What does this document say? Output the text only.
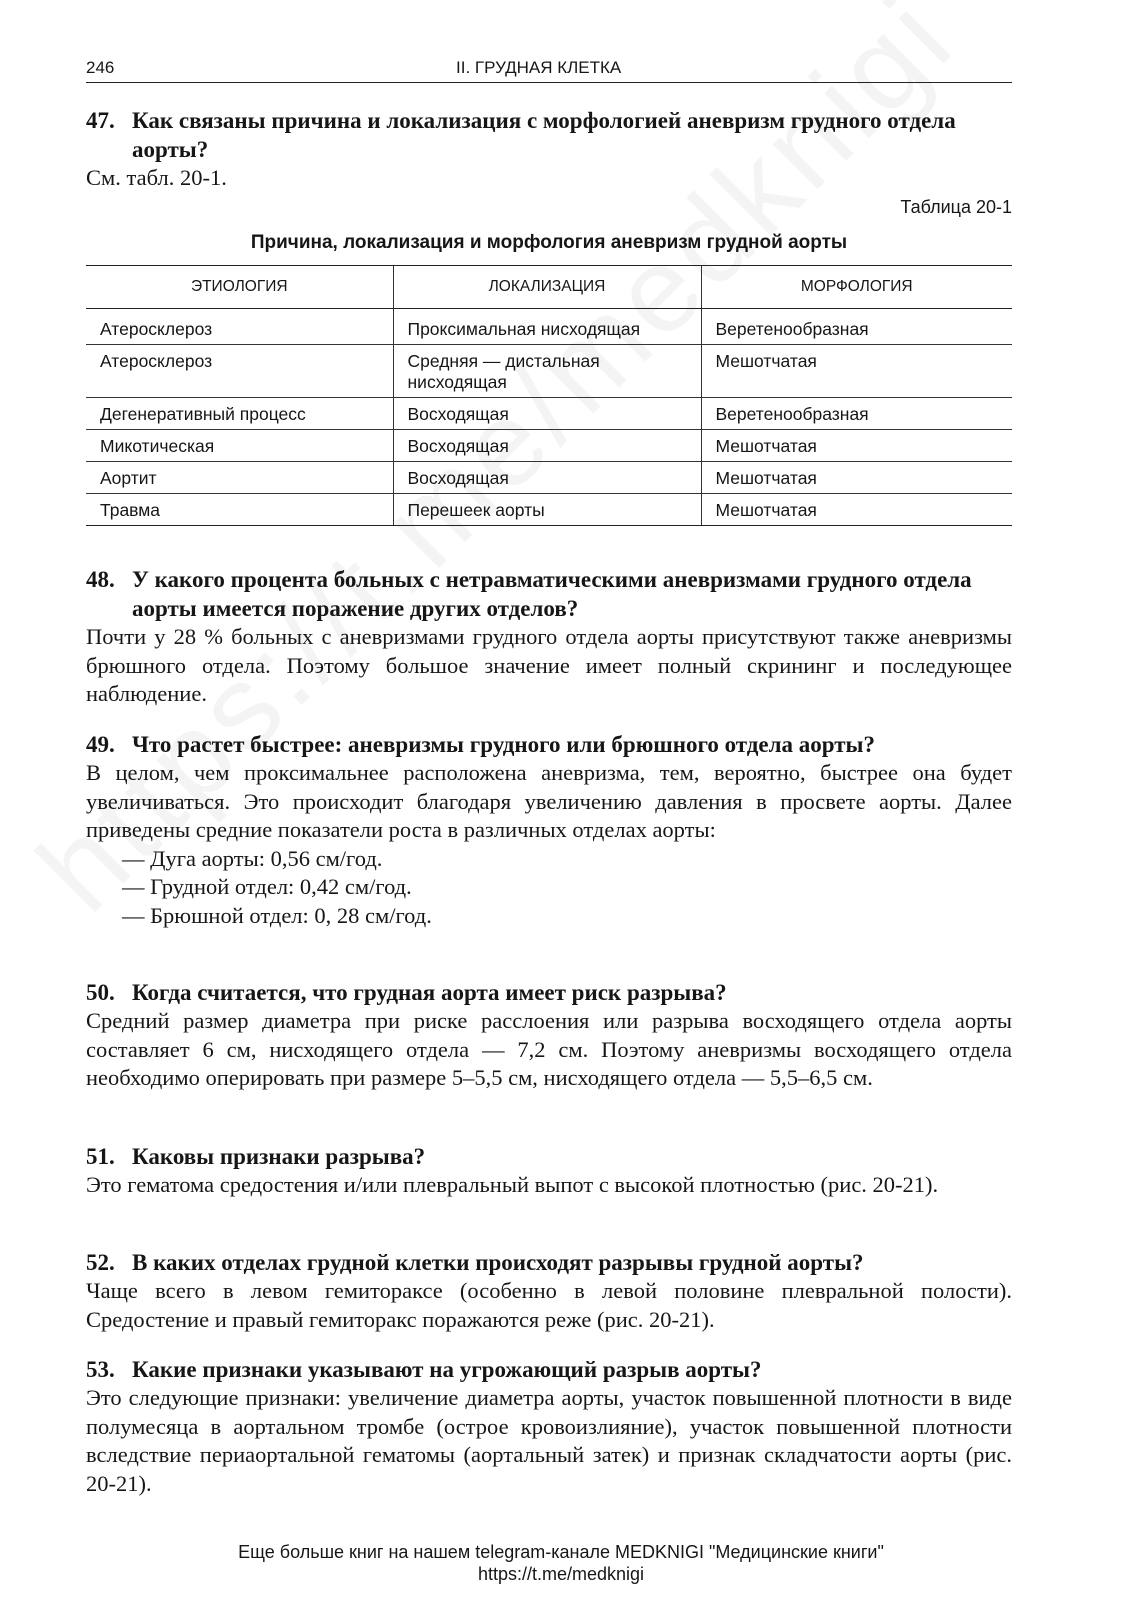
246	II. ГРУДНАЯ КЛЕТКА
47. Как связаны причина и локализация с морфологией аневризм грудного отдела аорты?
См. табл. 20-1.
Таблица 20-1
Причина, локализация и морфология аневризм грудной аорты
ЭТИОЛОГИЯ	ЛОКАЛИЗАЦИЯ	МОРФОЛОГИЯ
Атеросклероз	Проксимальная нисходящая	Веретенообразная
Атеросклероз	Средняя — дистальная нисходящая	Мешотчатая
Дегенеративный процесс	Восходящая	Веретенообразная
Микотическая	Восходящая	Мешотчатая
Аортит	Восходящая	Мешотчатая
Травма	Перешеек аорты	Мешотчатая
48. У какого процента больных с нетравматическими аневризмами грудного отдела аорты имеется поражение других отделов?
Почти у 28 % больных с аневризмами грудного отдела аорты присутствуют также аневризмы брюшного отдела. Поэтому большое значение имеет полный скрининг и последующее наблюдение.
49. Что растет быстрее: аневризмы грудного или брюшного отдела аорты?
В целом, чем проксимальнее расположена аневризма, тем, вероятно, быстрее она будет увеличиваться. Это происходит благодаря увеличению давления в просвете аорты. Далее приведены средние показатели роста в различных отделах аорты:
— Дуга аорты: 0,56 см/год.
— Грудной отдел: 0,42 см/год.
— Брюшной отдел: 0, 28 см/год.
50. Когда считается, что грудная аорта имеет риск разрыва?
Средний размер диаметра при риске расслоения или разрыва восходящего отдела аорты составляет 6 см, нисходящего отдела — 7,2 см. Поэтому аневризмы восходящего отдела необходимо оперировать при размере 5–5,5 см, нисходящего отдела — 5,5–6,5 см.
51. Каковы признаки разрыва?
Это гематома средостения и/или плевральный выпот с высокой плотностью (рис. 20-21).
52. В каких отделах грудной клетки происходят разрывы грудной аорты?
Чаще всего в левом гемитораксе (особенно в левой половине плевральной полости). Средостение и правый гемиторакс поражаются реже (рис. 20-21).
53. Какие признаки указывают на угрожающий разрыв аорты?
Это следующие признаки: увеличение диаметра аорты, участок повышенной плотности в виде полумесяца в аортальном тромбе (острое кровоизлияние), участок повышенной плотности вследствие периаортальной гематомы (аортальный затек) и признак складчатости аорты (рис. 20-21).
Еще больше книг на нашем telegram-канале MEDKNIGI "Медицинские книги"
https://t.me/medknigi
